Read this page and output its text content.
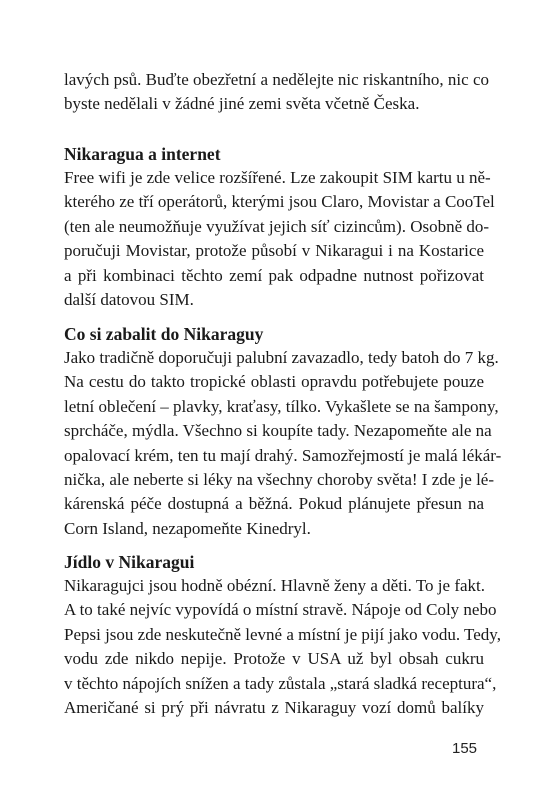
lavých psů. Buďte obezřetní a nedělejte nic riskantního, nic co
byste nedělali v žádné jiné zemi světa včetně Česka.
Nikaragua a internet
Free wifi je zde velice rozšířené. Lze zakoupit SIM kartu u ně-
kterého ze tří operátorů, kterými jsou Claro, Movistar a CooTel
(ten ale neumožňuje využívat jejich síť cizincům). Osobně do-
poručuji Movistar, protože působí v Nikaragui i na Kostarice
a při kombinaci těchto zemí pak odpadne nutnost pořizovat
další datovou SIM.
Co si zabalit do Nikaraguy
Jako tradičně doporučuji palubní zavazadlo, tedy batoh do 7 kg.
Na cestu do takto tropické oblasti opravdu potřebujete pouze
letní oblečení – plavky, kraťasy, tílko. Vykašlete se na šampony,
sprcháče, mýdla. Všechno si koupíte tady. Nezapomeňte ale na
opalovací krém, ten tu mají drahý. Samozřejmostí je malá lékár-
nička, ale neberte si léky na všechny choroby světa! I zde je lé-
kárenská péče dostupná a běžná. Pokud plánujete přesun na
Corn Island, nezapomeňte Kinedryl.
Jídlo v Nikaragui
Nikaragujci jsou hodně obézní. Hlavně ženy a děti. To je fakt.
A to také nejvíc vypovídá o místní stravě. Nápoje od Coly nebo
Pepsi jsou zde neskutečně levné a místní je pijí jako vodu. Tedy,
vodu zde nikdo nepije. Protože v USA už byl obsah cukru
v těchto nápojích snížen a tady zůstala „stará sladká receptura“,
Američané si prý při návratu z Nikaraguy vozí domů balíky
155
